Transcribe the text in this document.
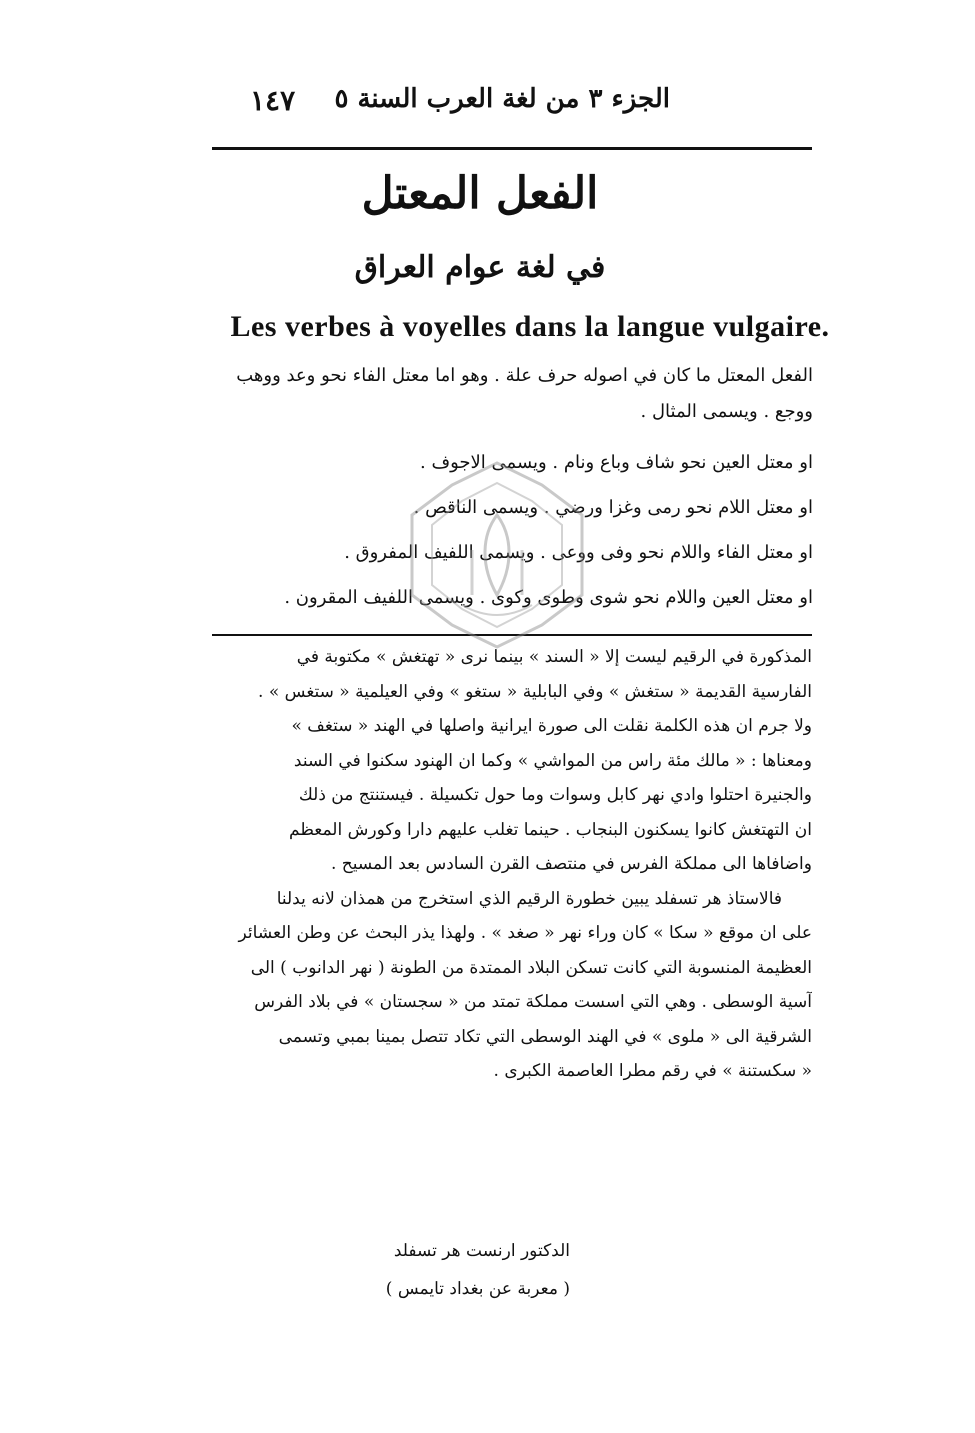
الجزء ٣ من لغة العرب السنة ٥
١٤٧
الفعل المعتل
في لغة عوام العراق
Les verbes à voyelles dans la langue vulgaire.
الفعل المعتل ما كان في اصوله حرف علة . وهو اما معتل الفاء نحو وعد ووهب ووجع . ويسمى المثال .
او معتل العين نحو شاف وباع ونام . ويسمى الاجوف .
او معتل اللام نحو رمى وغزا ورضي . ويسمى الناقص .
او معتل الفاء واللام نحو وفى ووعى . ويسمى اللفيف المفروق .
او معتل العين واللام نحو شوى وطوى وكوى . ويسمى اللفيف المقرون .
المذكورة في الرقيم ليست إلا « السند » بينما نرى « تهتغش » مكتوبة في
الفارسية القديمة « ستغش » وفي البابلية « ستغو » وفي العيلمية « ستغس » .
ولا جرم ان هذه الكلمة نقلت الى صورة ايرانية واصلها في الهند « ستغف »
ومعناها : « مالك مئة راس من المواشي » وكما ان الهنود سكنوا في السند
والجنيرة احتلوا وادي نهر كابل وسوات وما حول تكسيلة . فيستنتج من ذلك
ان التهتغش كانوا يسكنون البنجاب . حينما تغلب عليهم دارا وكورش المعظم
واضافاها الى مملكة الفرس في منتصف القرن السادس بعد المسيح .
فالاستاذ هر تسفلد يبين خطورة الرقيم الذي استخرج من همذان لانه يدلنا
على ان موقع « سكا » كان وراء نهر « صغد » . ولهذا يذر البحث عن وطن العشائر
العظيمة المنسوبة التي كانت تسكن البلاد الممتدة من الطونة ( نهر الدانوب ) الى
آسية الوسطى . وهي التي اسست مملكة تمتد من « سجستان » في بلاد الفرس
الشرقية الى « ملوى » في الهند الوسطى التي تكاد تتصل بمينا بمبي وتسمى
« سكستنة » في رقم مطرا العاصمة الكبرى .
الدكتور ارنست هر تسفلد
( معربة عن بغداد تايمس )
